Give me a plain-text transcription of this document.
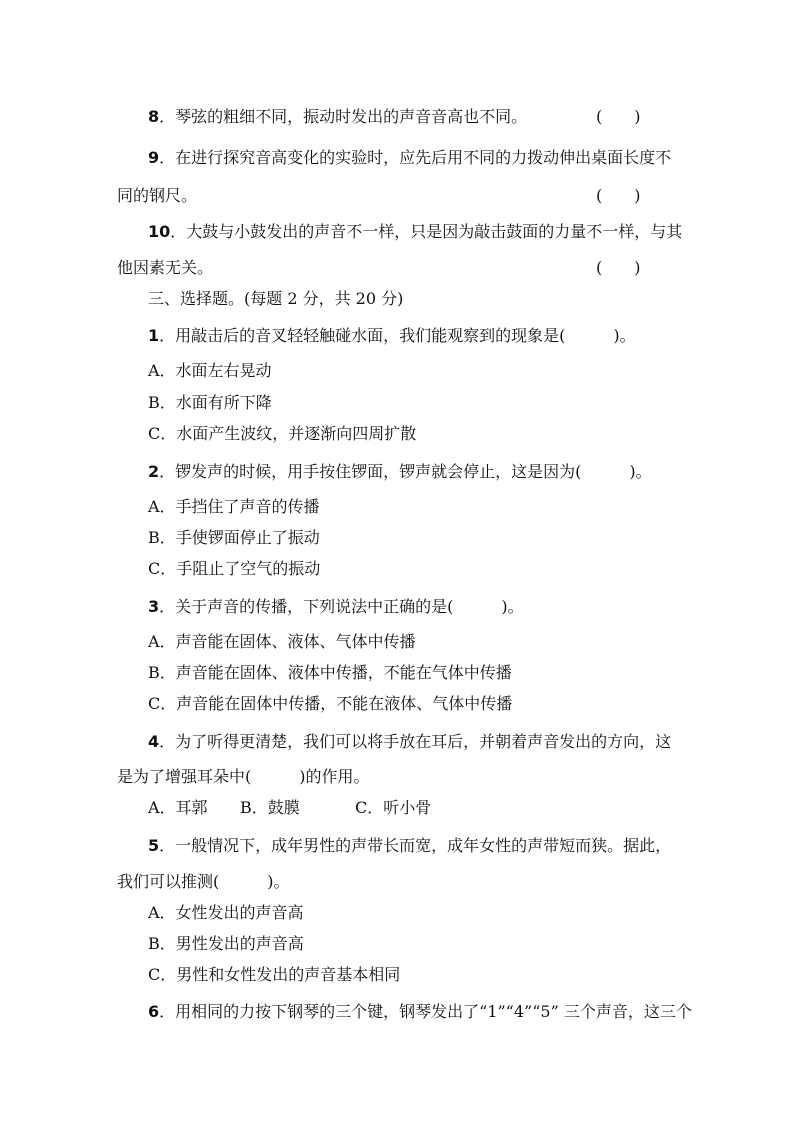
8．琴弦的粗细不同，振动时发出的声音音高也不同。	(　　)
9．在进行探究音高变化的实验时，应先后用不同的力拨动伸出桌面长度不
同的钢尺。	(　　)
10．大鼓与小鼓发出的声音不一样，只是因为敲击鼓面的力量不一样，与其
他因素无关。	(　　)
三、选择题。(每题 2 分，共 20 分)
1．用敲击后的音叉轻轻触碰水面，我们能观察到的现象是(　　　)。
A．水面左右晃动
B．水面有所下降
C．水面产生波纹，并逐渐向四周扩散
2．锣发声的时候，用手按住锣面，锣声就会停止，这是因为(　　　)。
A．手挡住了声音的传播
B．手使锣面停止了振动
C．手阻止了空气的振动
3．关于声音的传播，下列说法中正确的是(　　　)。
A．声音能在固体、液体、气体中传播
B．声音能在固体、液体中传播，不能在气体中传播
C．声音能在固体中传播，不能在液体、气体中传播
4．为了听得更清楚，我们可以将手放在耳后，并朝着声音发出的方向，这
是为了增强耳朵中(　　　)的作用。
A．耳郭 B．鼓膜	C．听小骨
5．一般情况下，成年男性的声带长而宽，成年女性的声带短而狭。据此，
我们可以推测(　　　)。
A．女性发出的声音高
B．男性发出的声音高
C．男性和女性发出的声音基本相同
6．用相同的力按下钢琴的三个键，钢琴发出了“1”“4”“5” 三个声音，这三个
